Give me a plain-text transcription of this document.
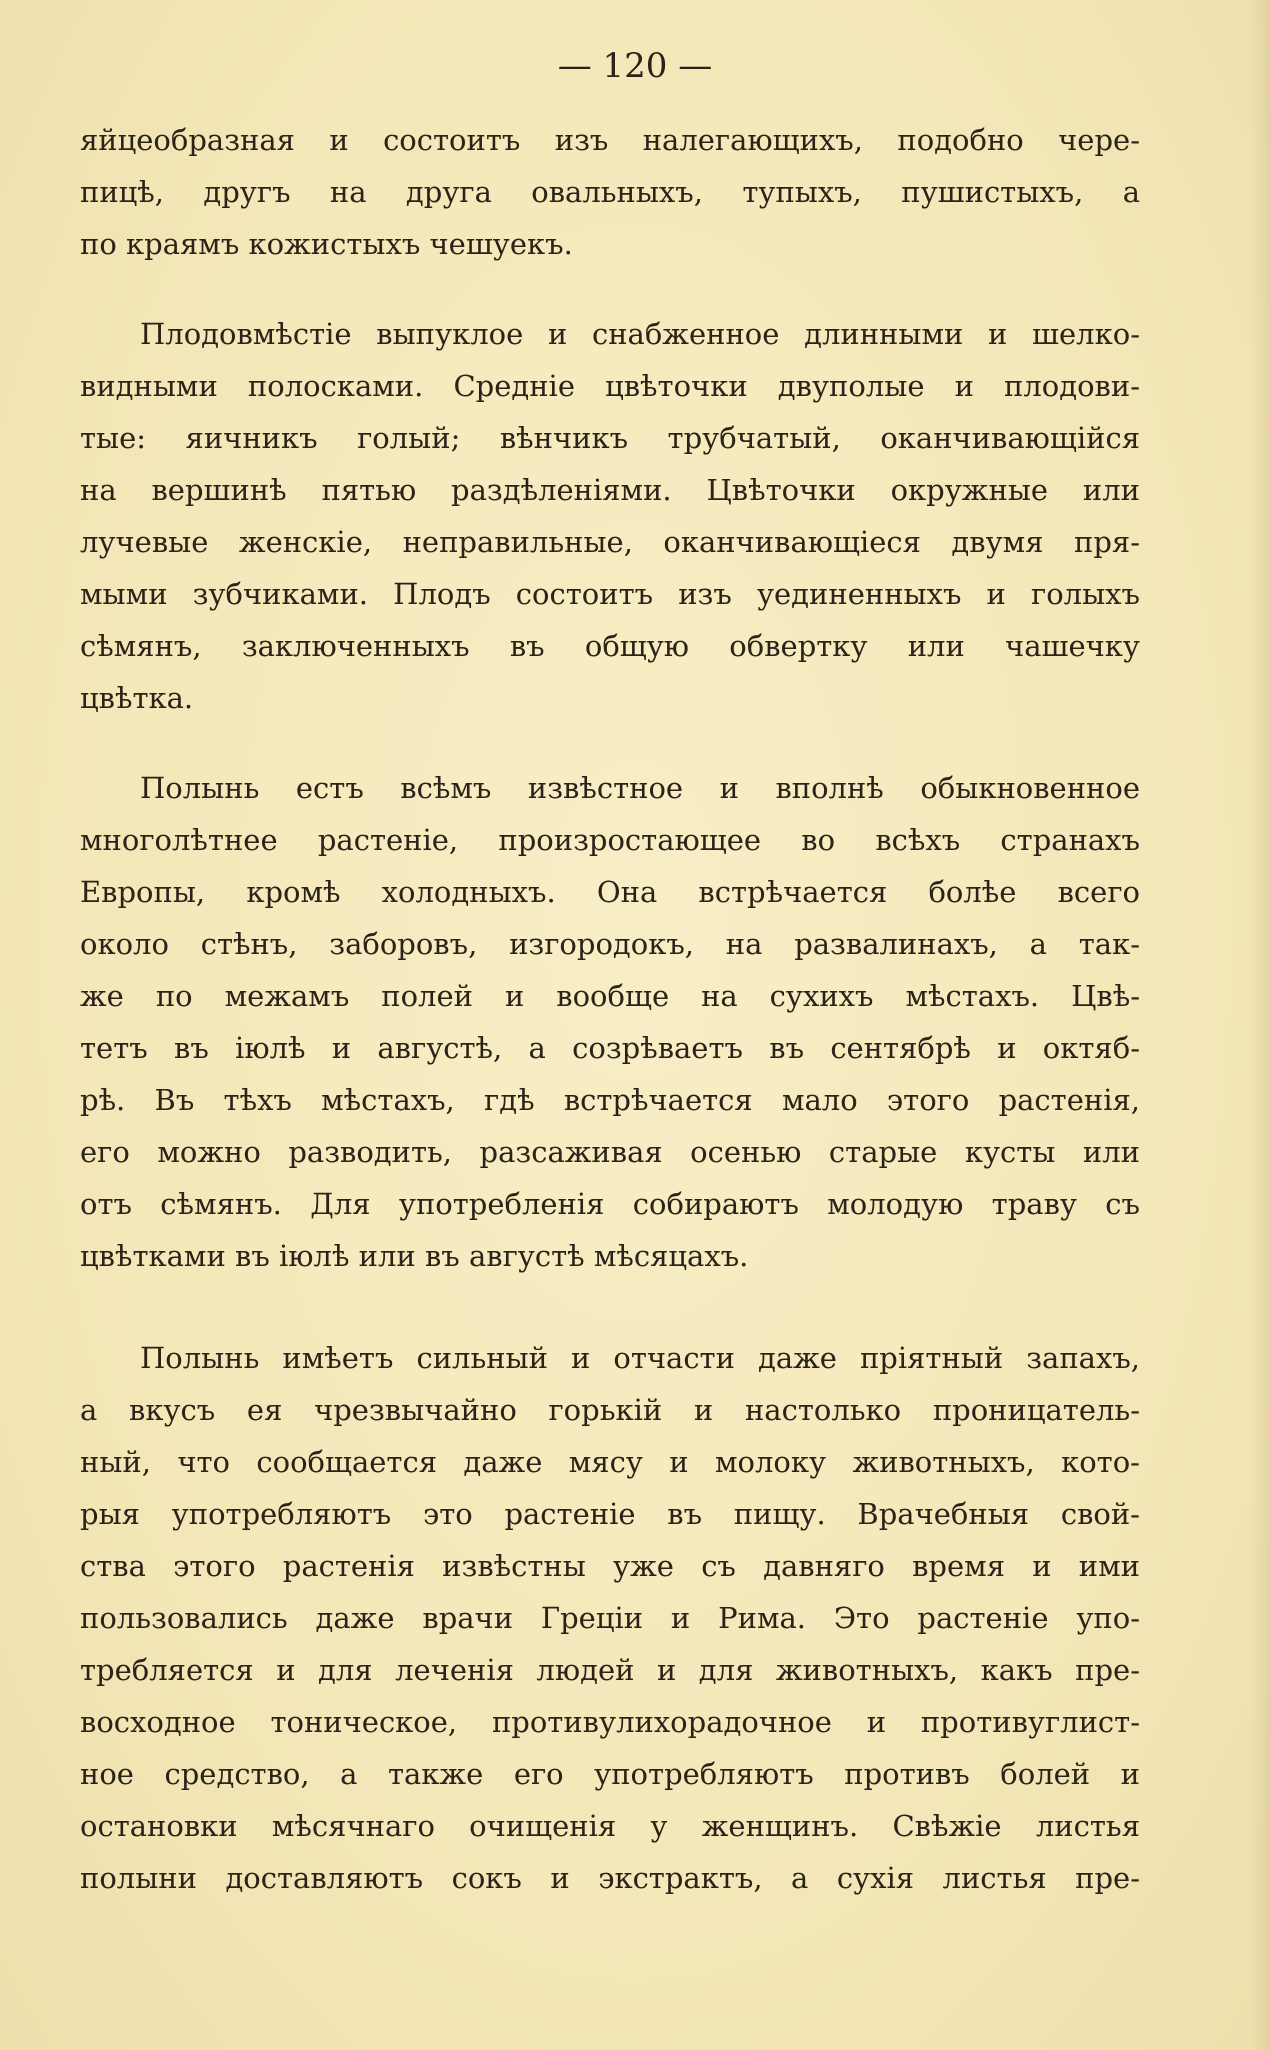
— 120 —
яйцеобразная и состоитъ изъ налегающихъ, подобно чере-
пицѣ, другъ на друга овальныхъ, тупыхъ, пушистыхъ, а
по краямъ кожистыхъ чешуекъ.
Плодовмѣстіе выпуклое и снабженное длинными и шелко-
видными полосками. Средніе цвѣточки двуполые и плодови-
тые: яичникъ голый; вѣнчикъ трубчатый, оканчивающійся
на вершинѣ пятью раздѣленіями. Цвѣточки окружные или
лучевые женскіе, неправильные, оканчивающіеся двумя пря-
мыми зубчиками. Плодъ состоитъ изъ уединенныхъ и голыхъ
сѣмянъ, заключенныхъ въ общую обвертку или чашечку
цвѣтка.
Полынь естъ всѣмъ извѣстное и вполнѣ обыкновенное
многолѣтнее растеніе, произростающее во всѣхъ странахъ
Европы, кромѣ холодныхъ. Она встрѣчается болѣе всего
около стѣнъ, заборовъ, изгородокъ, на развалинахъ, а так-
же по межамъ полей и вообще на сухихъ мѣстахъ. Цвѣ-
тетъ въ іюлѣ и августѣ, а созрѣваетъ въ сентябрѣ и октяб-
рѣ. Въ тѣхъ мѣстахъ, гдѣ встрѣчается мало этого растенія,
его можно разводить, разсаживая осенью старые кусты или
отъ сѣмянъ. Для употребленія собираютъ молодую траву съ
цвѣтками въ іюлѣ или въ августѣ мѣсяцахъ.
Полынь имѣетъ сильный и отчасти даже пріятный запахъ,
а вкусъ ея чрезвычайно горькій и настолько проницатель-
ный, что сообщается даже мясу и молоку животныхъ, кото-
рыя употребляютъ это растеніе въ пищу. Врачебныя свой-
ства этого растенія извѣстны уже съ давняго время и ими
пользовались даже врачи Греціи и Рима. Это растеніе упо-
требляется и для леченія людей и для животныхъ, какъ пре-
восходное тоническое, противулихорадочное и противуглист-
ное средство, а также его употребляютъ противъ болей и
остановки мѣсячнаго очищенія у женщинъ. Свѣжіе листья
полыни доставляютъ сокъ и экстрактъ, а сухія листья пре-
